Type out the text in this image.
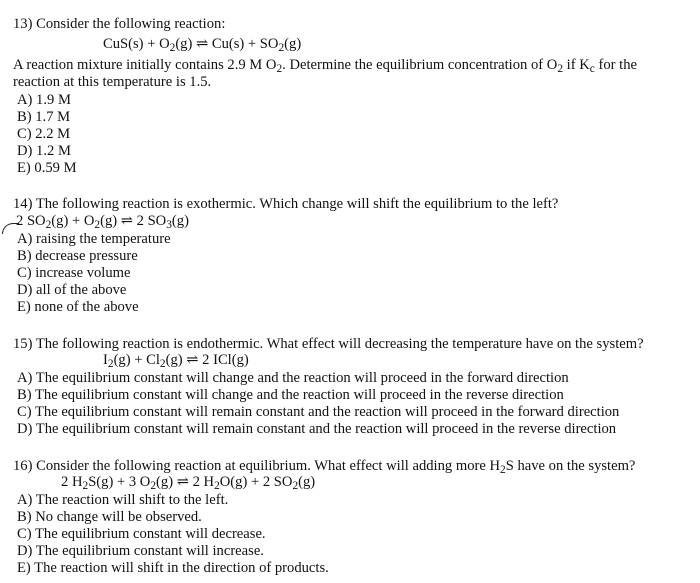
13) Consider the following reaction:
$CuS(s) + O_2(g)$ ⇌ $Cu(s) + SO_2(g)$
A reaction mixture initially contains 2.9 M $O_2$. Determine the equilibrium concentration of $O_2$ if $K_c$ for the
reaction at this temperature is 1.5.
A) 1.9 M
B) 1.7 M
C) 2.2 M
D) 1.2 M
E) 0.59 M
14) The following reaction is exothermic. Which change will shift the equilibrium to the left?
2 $SO_2(g) + O_2(g)$ ⇌ 2 $SO_3(g)$
A) raising the temperature
B) decrease pressure
C) increase volume
D) all of the above
E) none of the above
15) The following reaction is endothermic. What effect will decreasing the temperature have on the system?
$I_2(g) + Cl_2(g)$ ⇌ 2 ICl(g)
A) The equilibrium constant will change and the reaction will proceed in the forward direction
B) The equilibrium constant will change and the reaction will proceed in the reverse direction
C) The equilibrium constant will remain constant and the reaction will proceed in the forward direction
D) The equilibrium constant will remain constant and the reaction will proceed in the reverse direction
16) Consider the following reaction at equilibrium. What effect will adding more $H_2S$ have on the system?
2 $H_2S(g) + 3$ $O_2(g)$ ⇌ 2 $H_2O(g) + 2$ $SO_2(g)$
A) The reaction will shift to the left.
B) No change will be observed.
C) The equilibrium constant will decrease.
D) The equilibrium constant will increase.
E) The reaction will shift in the direction of products.
